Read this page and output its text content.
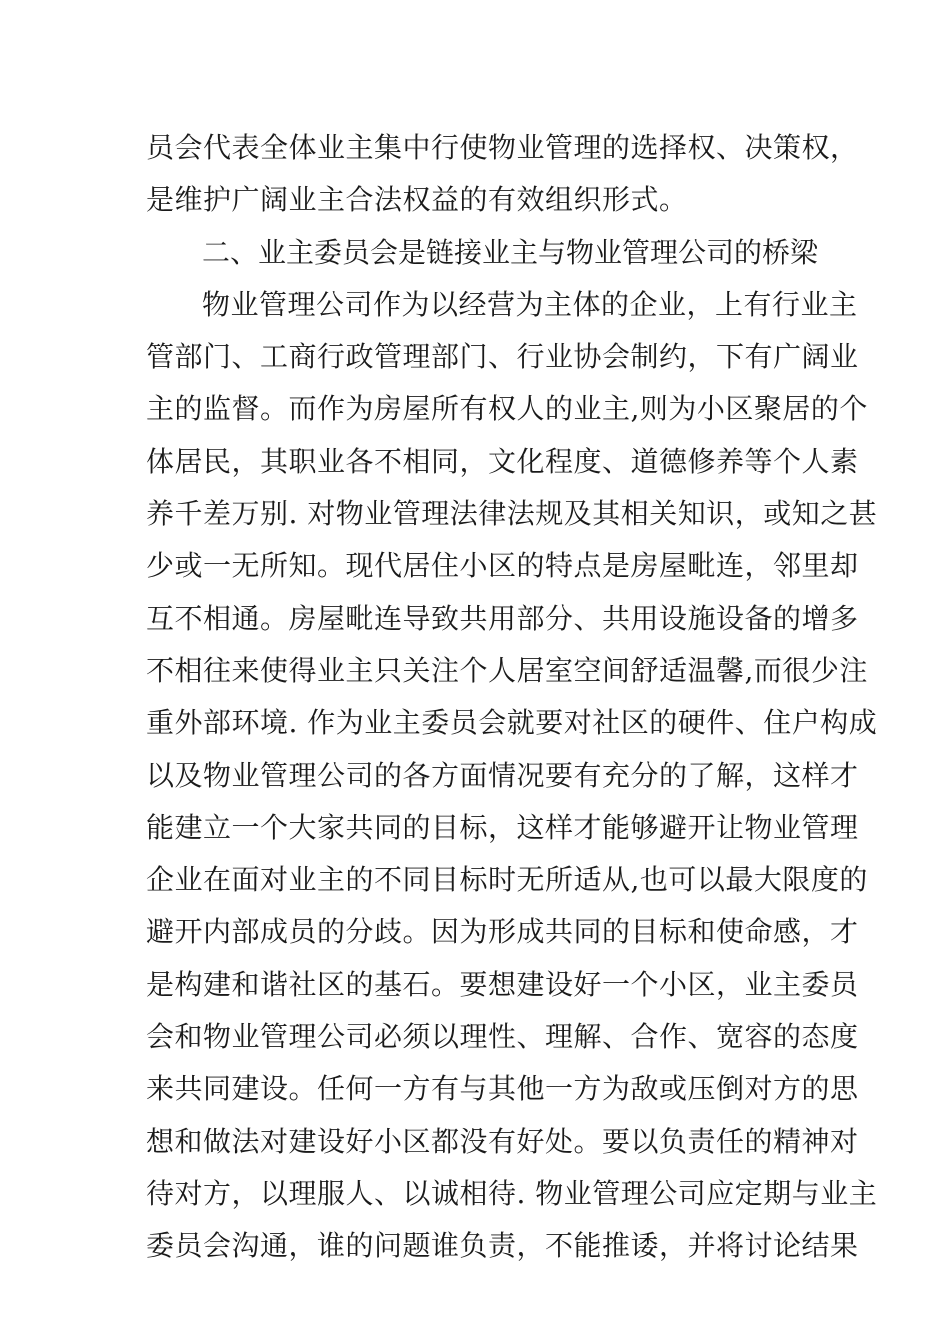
员会代表全体业主集中行使物业管理的选择权、决策权，
是维护广阔业主合法权益的有效组织形式。
二、业主委员会是链接业主与物业管理公司的桥梁
物业管理公司作为以经营为主体的企业，上有行业主
管部门、工商行政管理部门、行业协会制约，下有广阔业
主的监督。而作为房屋所有权人的业主,则为小区聚居的个
体居民，其职业各不相同，文化程度、道德修养等个人素
养千差万别. 对物业管理法律法规及其相关知识，或知之甚
少或一无所知。现代居住小区的特点是房屋毗连，邻里却
互不相通。房屋毗连导致共用部分、共用设施设备的增多
不相往来使得业主只关注个人居室空间舒适温馨,而很少注
重外部环境. 作为业主委员会就要对社区的硬件、住户构成
以及物业管理公司的各方面情况要有充分的了解，这样才
能建立一个大家共同的目标，这样才能够避开让物业管理
企业在面对业主的不同目标时无所适从,也可以最大限度的
避开内部成员的分歧。因为形成共同的目标和使命感，才
是构建和谐社区的基石。要想建设好一个小区，业主委员
会和物业管理公司必须以理性、理解、合作、宽容的态度
来共同建设。任何一方有与其他一方为敌或压倒对方的思
想和做法对建设好小区都没有好处。要以负责任的精神对
待对方，以理服人、以诚相待. 物业管理公司应定期与业主
委员会沟通，谁的问题谁负责，不能推诿，并将讨论结果
